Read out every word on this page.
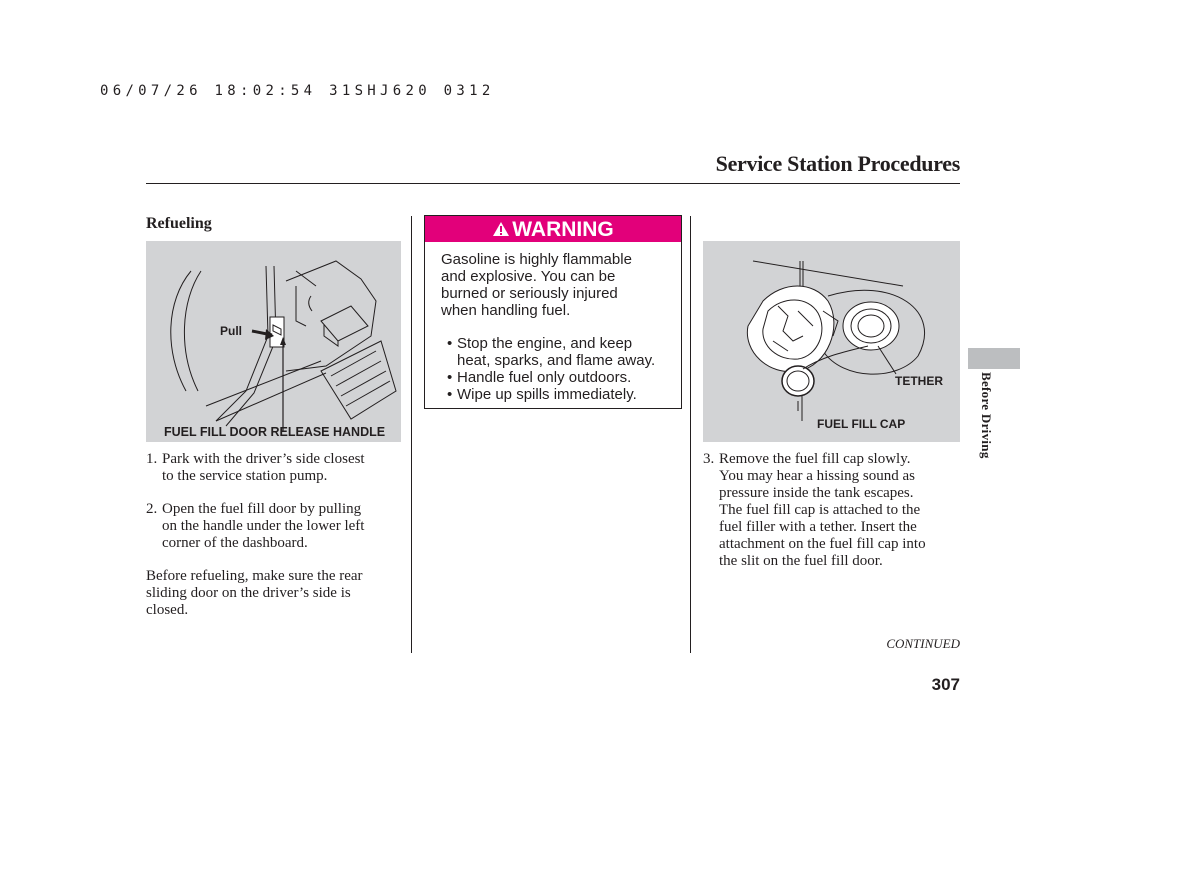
06/07/26 18:02:54 31SHJ620 0312
Service Station Procedures
Refueling
Pull
FUEL FILL DOOR RELEASE HANDLE
1. Park with the driver’s side closest
to the service station pump.
2. Open the fuel fill door by pulling
on the handle under the lower left
corner of the dashboard.
Before refueling, make sure the rear
sliding door on the driver’s side is
closed.
WARNING
Gasoline is highly flammable
and explosive. You can be
burned or seriously injured
when handling fuel.
• Stop the engine, and keep
heat, sparks, and flame away.
• Handle fuel only outdoors.
• Wipe up spills immediately.
TETHER
FUEL FILL CAP
3. Remove the fuel fill cap slowly.
You may hear a hissing sound as
pressure inside the tank escapes.
The fuel fill cap is attached to the
fuel filler with a tether. Insert the
attachment on the fuel fill cap into
the slit on the fuel fill door.
Before Driving
CONTINUED
307
